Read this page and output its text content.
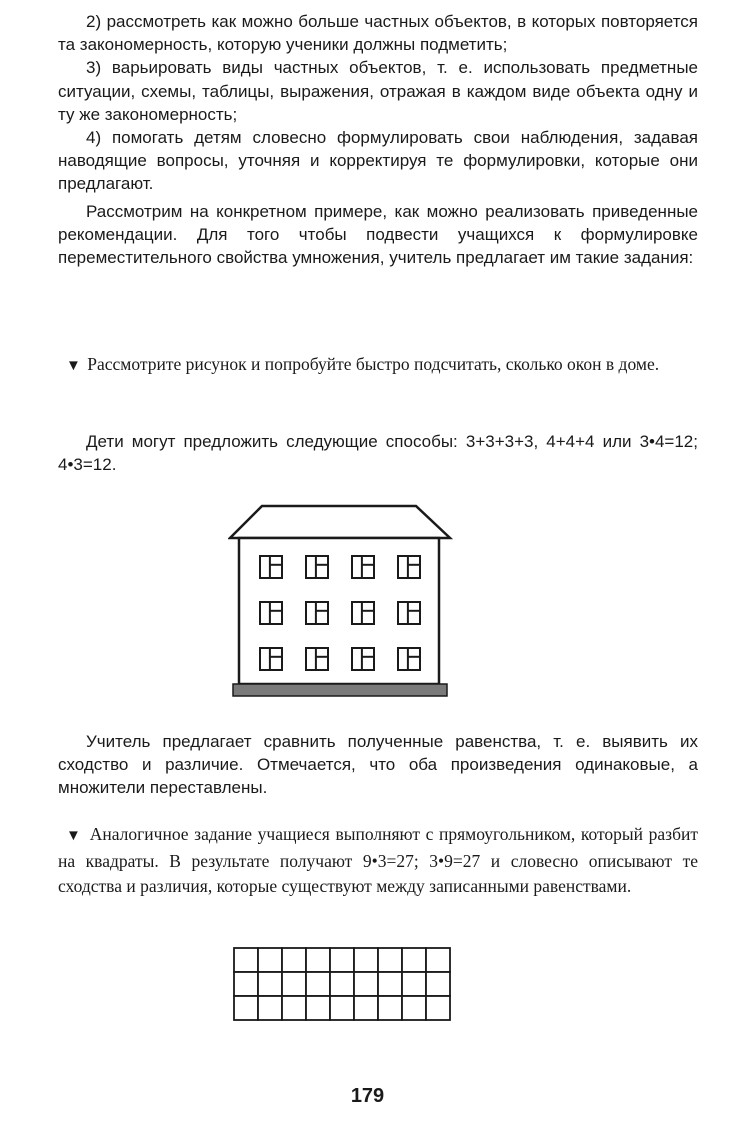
2) рассмотреть как можно больше частных объектов, в которых повторяется та закономерность, которую ученики должны подметить;

3) варьировать виды частных объектов, т. е. использовать предметные ситуации, схемы, таблицы, выражения, отражая в каждом виде объекта одну и ту же закономерность;

4) помогать детям словесно формулировать свои наблюдения, задавая наводящие вопросы, уточняя и корректируя те формулировки, которые они предлагают.

Рассмотрим на конкретном примере, как можно реализовать приведенные рекомендации. Для того чтобы подвести учащихся к формулировке переместительного свойства умножения, учитель предлагает им такие задания:

▼ Рассмотрите рисунок и попробуйте быстро подсчитать, сколько окон в доме.

Дети могут предложить следующие способы: 3+3+3+3, 4+4+4 или 3•4=12; 4•3=12.

Учитель предлагает сравнить полученные равенства, т. е. выявить их сходство и различие. Отмечается, что оба произведения одинаковые, а множители переставлены.

▼ Аналогичное задание учащиеся выполняют с прямоугольником, который разбит на квадраты. В результате получают 9•3=27; 3•9=27 и словесно описывают те сходства и различия, которые существуют между записанными равенствами.

179
